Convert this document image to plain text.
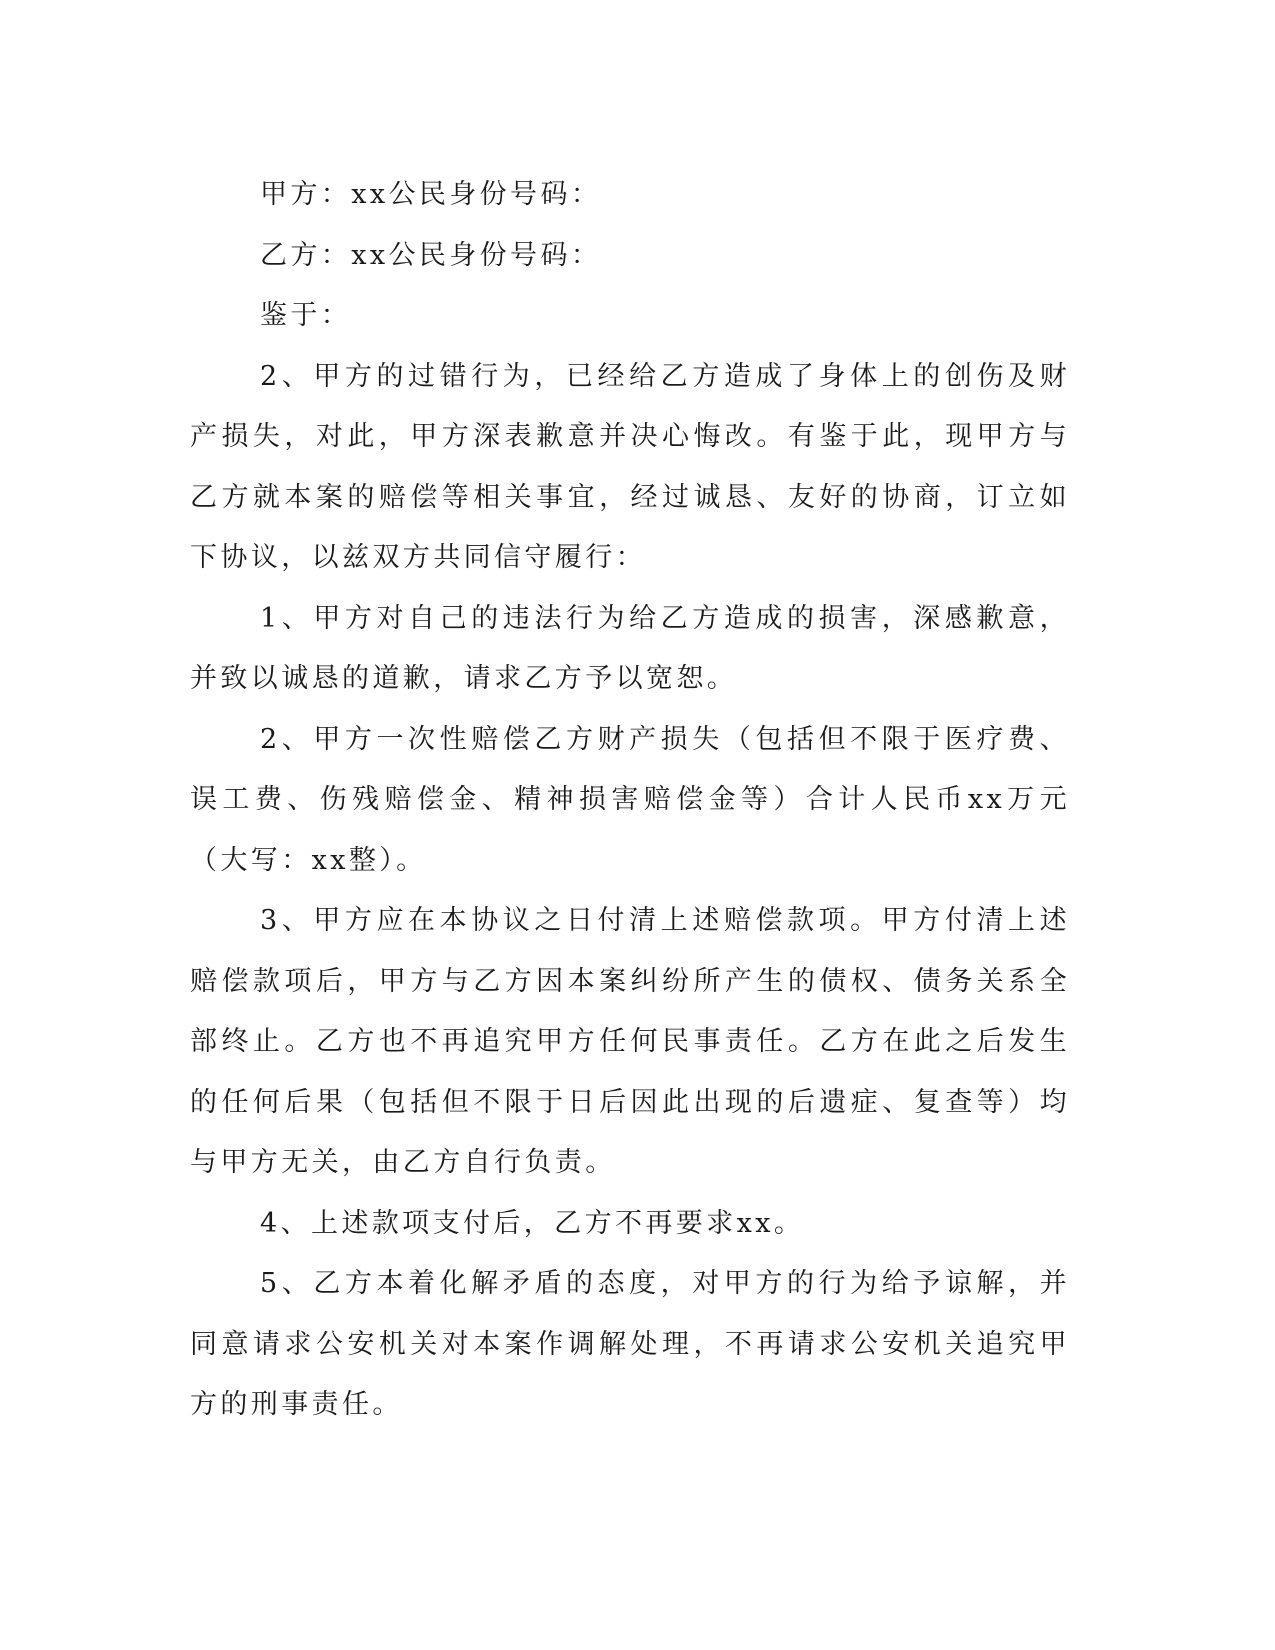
甲方：xx公民身份号码：

乙方：xx公民身份号码：

鉴于：

2、甲方的过错行为，已经给乙方造成了身体上的创伤及财产损失，对此，甲方深表歉意并决心悔改。有鉴于此，现甲方与乙方就本案的赔偿等相关事宜，经过诚恳、友好的协商，订立如下协议，以兹双方共同信守履行：

1、甲方对自己的违法行为给乙方造成的损害，深感歉意，并致以诚恳的道歉，请求乙方予以宽恕。

2、甲方一次性赔偿乙方财产损失（包括但不限于医疗费、误工费、伤残赔偿金、精神损害赔偿金等）合计人民币xx万元（大写：xx整）。

3、甲方应在本协议之日付清上述赔偿款项。甲方付清上述赔偿款项后，甲方与乙方因本案纠纷所产生的债权、债务关系全部终止。乙方也不再追究甲方任何民事责任。乙方在此之后发生的任何后果（包括但不限于日后因此出现的后遗症、复查等）均与甲方无关，由乙方自行负责。

4、上述款项支付后，乙方不再要求xx。

5、乙方本着化解矛盾的态度，对甲方的行为给予谅解，并同意请求公安机关对本案作调解处理，不再请求公安机关追究甲方的刑事责任。
